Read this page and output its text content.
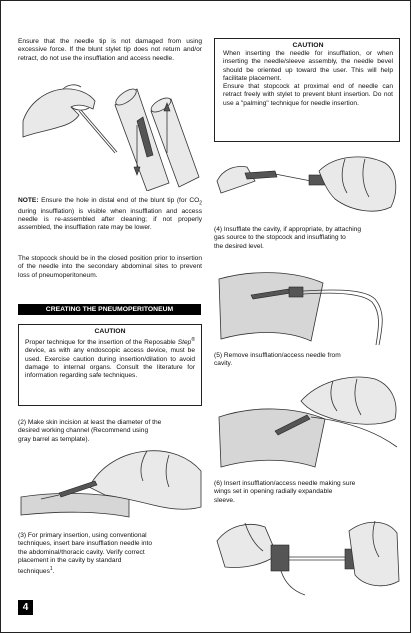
Ensure that the needle tip is not damaged from using excessive force. If the blunt stylet tip does not return and/or retract, do not use the insufflation and access needle.

NOTE: Ensure the hole in distal end of the blunt tip (for $CO_2$ during insufflation) is visible when insufflation and access needle is re-assembled after cleaning; if not properly assembled, the insufflation rate may be lower.

The stopcock should be in the closed position prior to insertion of the needle into the secondary abdominal sites to prevent loss of pneumoperitoneum.

CREATING THE PNEUMOPERITONEUM

CAUTION

Proper technique for the insertion of the Reposable Step® device, as with any endoscopic access device, must be used. Exercise caution during insertion/dilation to avoid damage to internal organs. Consult the literature for information regarding safe techniques.

(2) Make skin incision at least the diameter of the
desired working channel (Recommend using
gray barrel as template).

(3) For primary insertion, using conventional
techniques, insert bare insufflation needle into
the abdominal/thoracic cavity. Verify correct
placement in the cavity by standard
techniques$^1$.

4

CAUTION

When inserting the needle for insufflation, or when inserting the needle/sleeve assembly, the needle bevel should be oriented up toward the user. This will help facilitate placement.
Ensure that stopcock at proximal end of needle can retract freely with stylet to prevent blunt insertion. Do not use a "palming" technique for needle insertion.

(4) Insufflate the cavity, if appropriate, by attaching
gas source to the stopcock and insufflating to
the desired level.

(5) Remove insufflation/access needle from
cavity.

(6) Insert insufflation/access needle making sure
wings set in opening radially expandable
sleeve.
